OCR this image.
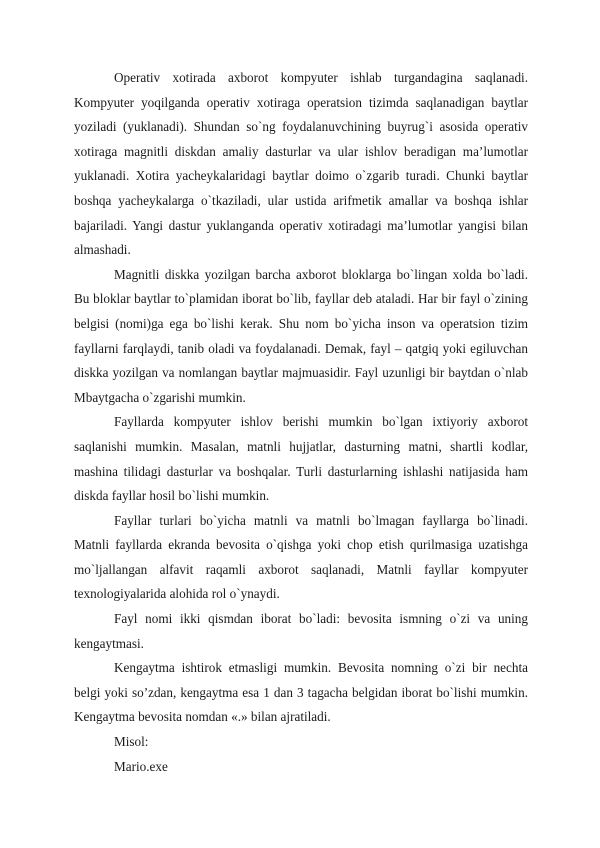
Operativ xotirada axborot kompyuter ishlab turgandagina saqlanadi. Kompyuter yoqilganda operativ xotiraga operatsion tizimda saqlanadigan baytlar yoziladi (yuklanadi). Shundan so`ng foydalanuvchining buyrug`i asosida operativ xotiraga magnitli diskdan amaliy dasturlar va ular ishlov beradigan ma’lumotlar yuklanadi. Xotira yacheykalaridagi baytlar doimo o`zgarib turadi. Chunki baytlar boshqa yacheykalarga o`tkaziladi, ular ustida arifmetik amallar va boshqa ishlar bajariladi. Yangi dastur yuklanganda operativ xotiradagi ma’lumotlar yangisi bilan almashadi.

Magnitli diskka yozilgan barcha axborot bloklarga bo`lingan xolda bo`ladi. Bu bloklar baytlar to`plamidan iborat bo`lib, fayllar deb ataladi. Har bir fayl o`zining belgisi (nomi)ga ega bo`lishi kerak. Shu nom bo`yicha inson va operatsion tizim fayllarni farqlaydi, tanib oladi va foydalanadi. Demak, fayl – qatgiq yoki egiluvchan diskka yozilgan va nomlangan baytlar majmuasidir. Fayl uzunligi bir baytdan o`nlab Mbaytgacha o`zgarishi mumkin.

Fayllarda kompyuter ishlov berishi mumkin bo`lgan ixtiyoriy axborot saqlanishi mumkin. Masalan, matnli hujjatlar, dasturning matni, shartli kodlar, mashina tilidagi dasturlar va boshqalar. Turli dasturlarning ishlashi natijasida ham diskda fayllar hosil bo`lishi mumkin.

Fayllar turlari bo`yicha matnli va matnli bo`lmagan fayllarga bo`linadi. Matnli fayllarda ekranda bevosita o`qishga yoki chop etish qurilmasiga uzatishga mo`ljallangan alfavit raqamli axborot saqlanadi, Matnli fayllar kompyuter texnologiyalarida alohida rol o`ynaydi.

Fayl nomi ikki qismdan iborat bo`ladi: bevosita ismning o`zi va uning kengaytmasi.

Kengaytma ishtirok etmasligi mumkin. Bevosita nomning o`zi bir nechta belgi yoki so’zdan, kengaytma esa 1 dan 3 tagacha belgidan iborat bo`lishi mumkin. Kengaytma bevosita nomdan «.» bilan ajratiladi.

Misol:

Mario.exe
